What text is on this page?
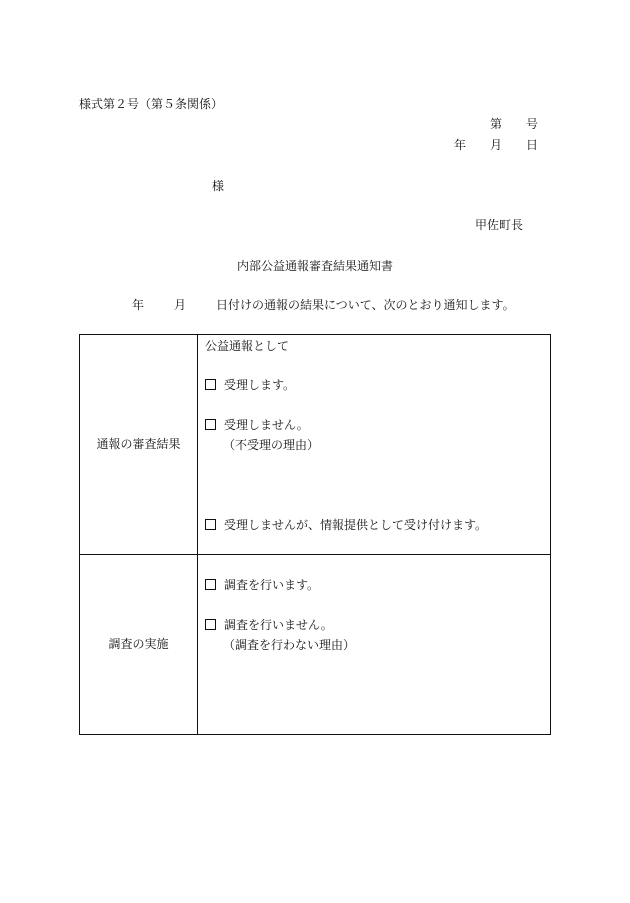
様式第２号（第５条関係）
第 号
年 月 日
様
甲佐町長
内部公益通報審査結果通知書
年	月	日付けの通報の結果について、次のとおり通知します。
通報の審査結果	公益通報として
受理します。
受理しません。
（不受理の理由）
受理しませんが、情報提供として受け付けます。

調査の実施	調査を行います。
調査を行いません。
（調査を行わない理由）
